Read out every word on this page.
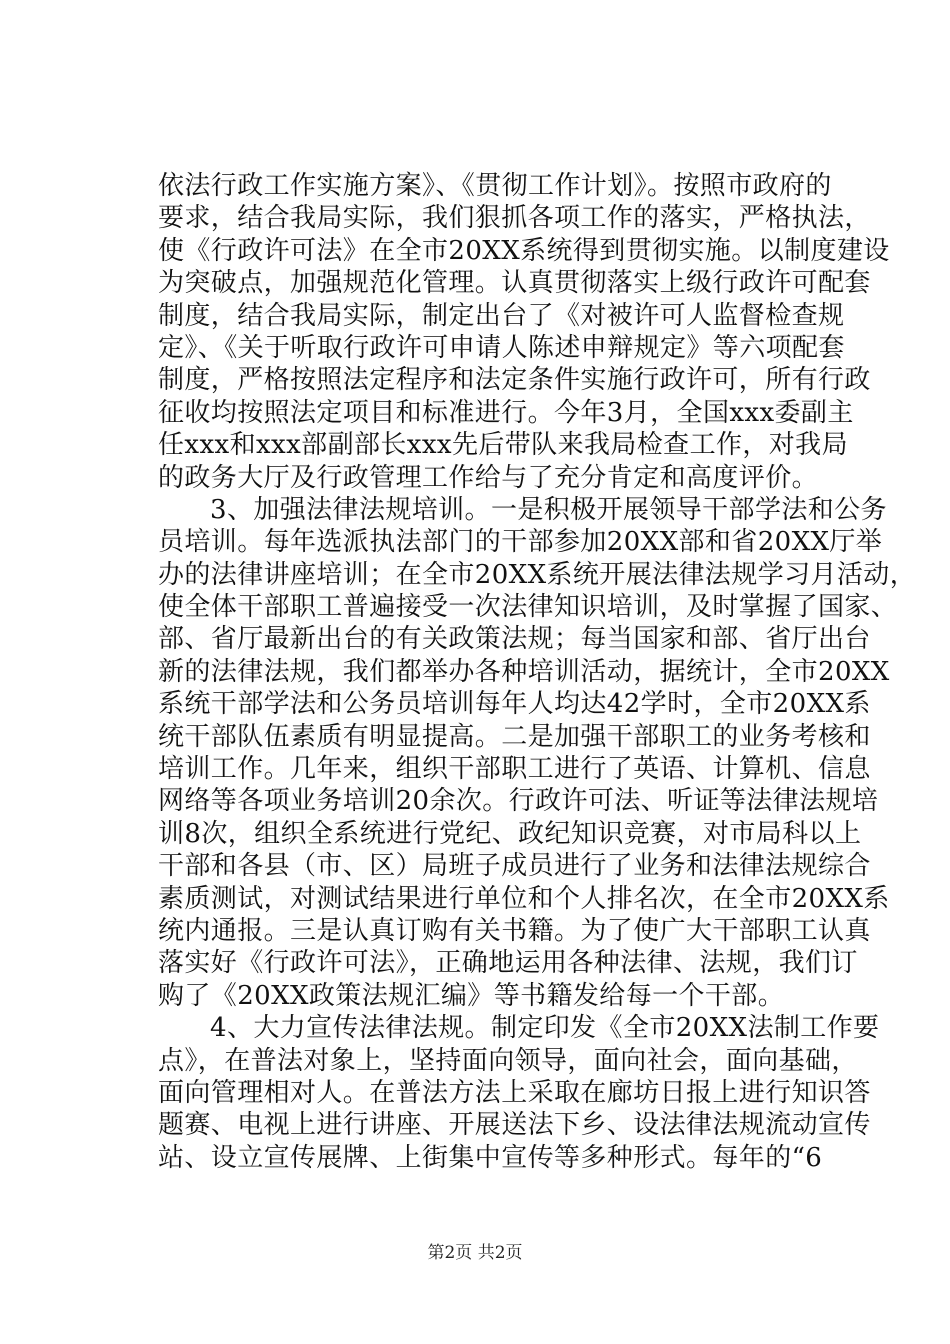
依法行政工作实施方案》、《贯彻工作计划》。按照市政府的
要求，结合我局实际，我们狠抓各项工作的落实，严格执法，
使《行政许可法》在全市20XX系统得到贯彻实施。以制度建设
为突破点，加强规范化管理。认真贯彻落实上级行政许可配套
制度，结合我局实际，制定出台了《对被许可人监督检查规
定》、《关于听取行政许可申请人陈述申辩规定》等六项配套
制度，严格按照法定程序和法定条件实施行政许可，所有行政
征收均按照法定项目和标准进行。今年3月，全国xxx委副主
任xxx和xxx部副部长xxx先后带队来我局检查工作，对我局
的政务大厅及行政管理工作给与了充分肯定和高度评价。
3、加强法律法规培训。一是积极开展领导干部学法和公务
员培训。每年选派执法部门的干部参加20XX部和省20XX厅举
办的法律讲座培训；在全市20XX系统开展法律法规学习月活动，
使全体干部职工普遍接受一次法律知识培训，及时掌握了国家、
部、省厅最新出台的有关政策法规；每当国家和部、省厅出台
新的法律法规，我们都举办各种培训活动，据统计，全市20XX
系统干部学法和公务员培训每年人均达42学时，全市20XX系
统干部队伍素质有明显提高。二是加强干部职工的业务考核和
培训工作。几年来，组织干部职工进行了英语、计算机、信息
网络等各项业务培训20余次。行政许可法、听证等法律法规培
训8次，组织全系统进行党纪、政纪知识竞赛，对市局科以上
干部和各县（市、区）局班子成员进行了业务和法律法规综合
素质测试，对测试结果进行单位和个人排名次，在全市20XX系
统内通报。三是认真订购有关书籍。为了使广大干部职工认真
落实好《行政许可法》，正确地运用各种法律、法规，我们订
购了《20XX政策法规汇编》等书籍发给每一个干部。
4、大力宣传法律法规。制定印发《全市20XX法制工作要
点》，在普法对象上，坚持面向领导，面向社会，面向基础，
面向管理相对人。在普法方法上采取在廊坊日报上进行知识答
题赛、电视上进行讲座、开展送法下乡、设法律法规流动宣传
站、设立宣传展牌、上街集中宣传等多种形式。每年的“6
第2页 共2页
